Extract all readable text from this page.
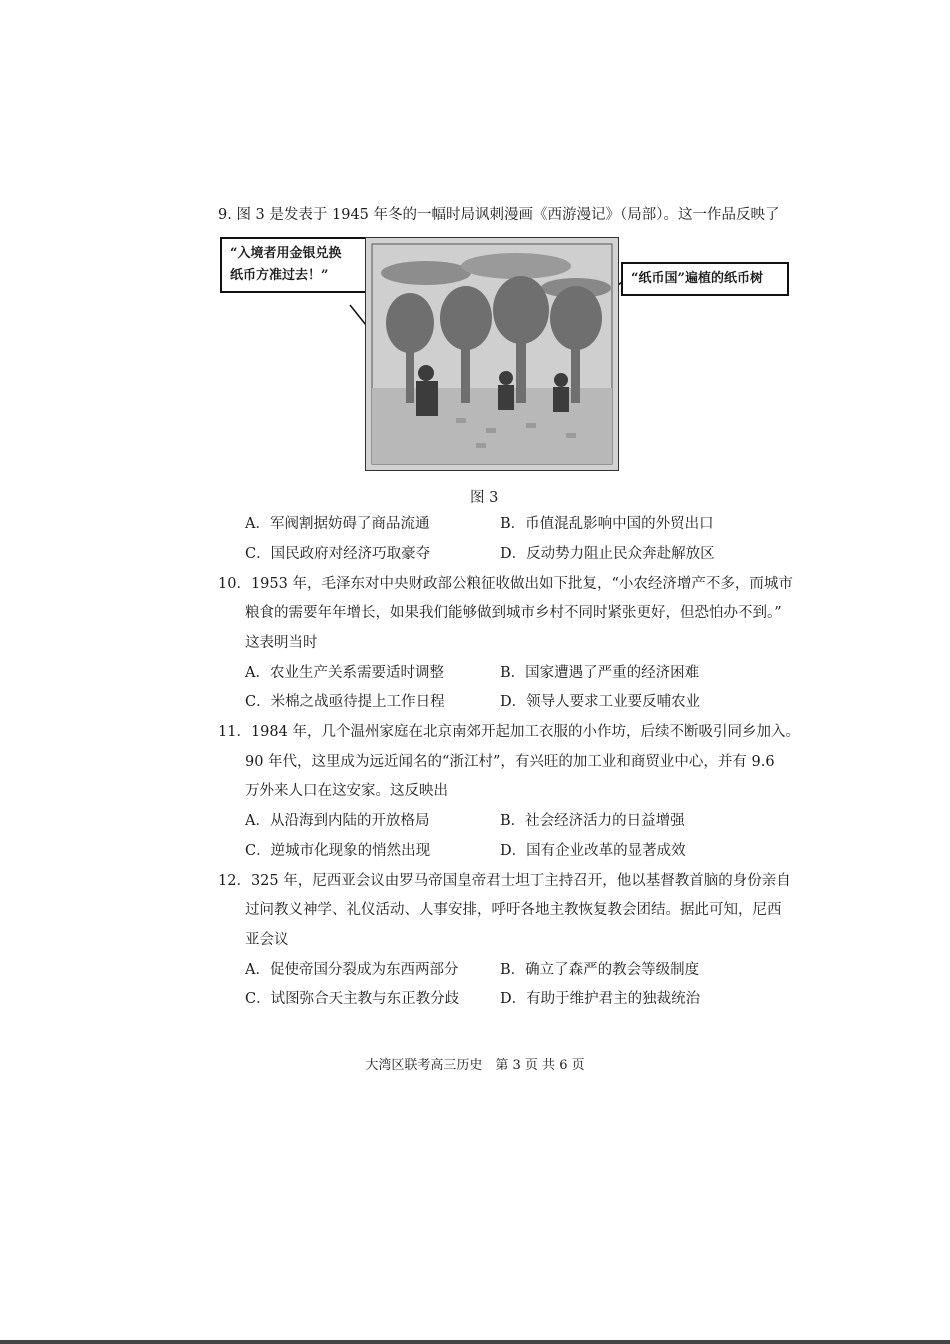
9. 图 3 是发表于 1945 年冬的一幅时局讽刺漫画《西游漫记》（局部）。这一作品反映了
“入境者用金银兑换
纸币方准过去！”	“纸币国”遍植的纸币树
图 3
A．军阀割据妨碍了商品流通	B．币值混乱影响中国的外贸出口
C．国民政府对经济巧取豪夺	D．反动势力阻止民众奔赴解放区
10．1953 年，毛泽东对中央财政部公粮征收做出如下批复，“小农经济增产不多，而城市
粮食的需要年年增长，如果我们能够做到城市乡村不同时紧张更好，但恐怕办不到。”
这表明当时
A．农业生产关系需要适时调整	B．国家遭遇了严重的经济困难
C．米棉之战亟待提上工作日程	D．领导人要求工业要反哺农业
11．1984 年，几个温州家庭在北京南郊开起加工衣服的小作坊，后续不断吸引同乡加入。
90 年代，这里成为远近闻名的“浙江村”，有兴旺的加工业和商贸业中心，并有 9.6
万外来人口在这安家。这反映出
A．从沿海到内陆的开放格局	B．社会经济活力的日益增强
C．逆城市化现象的悄然出现	D．国有企业改革的显著成效
12．325 年，尼西亚会议由罗马帝国皇帝君士坦丁主持召开，他以基督教首脑的身份亲自
过问教义神学、礼仪活动、人事安排，呼吁各地主教恢复教会团结。据此可知，尼西
亚会议
A．促使帝国分裂成为东西两部分	B．确立了森严的教会等级制度
C．试图弥合天主教与东正教分歧	D．有助于维护君主的独裁统治
大湾区联考高三历史　第 3 页 共 6 页
